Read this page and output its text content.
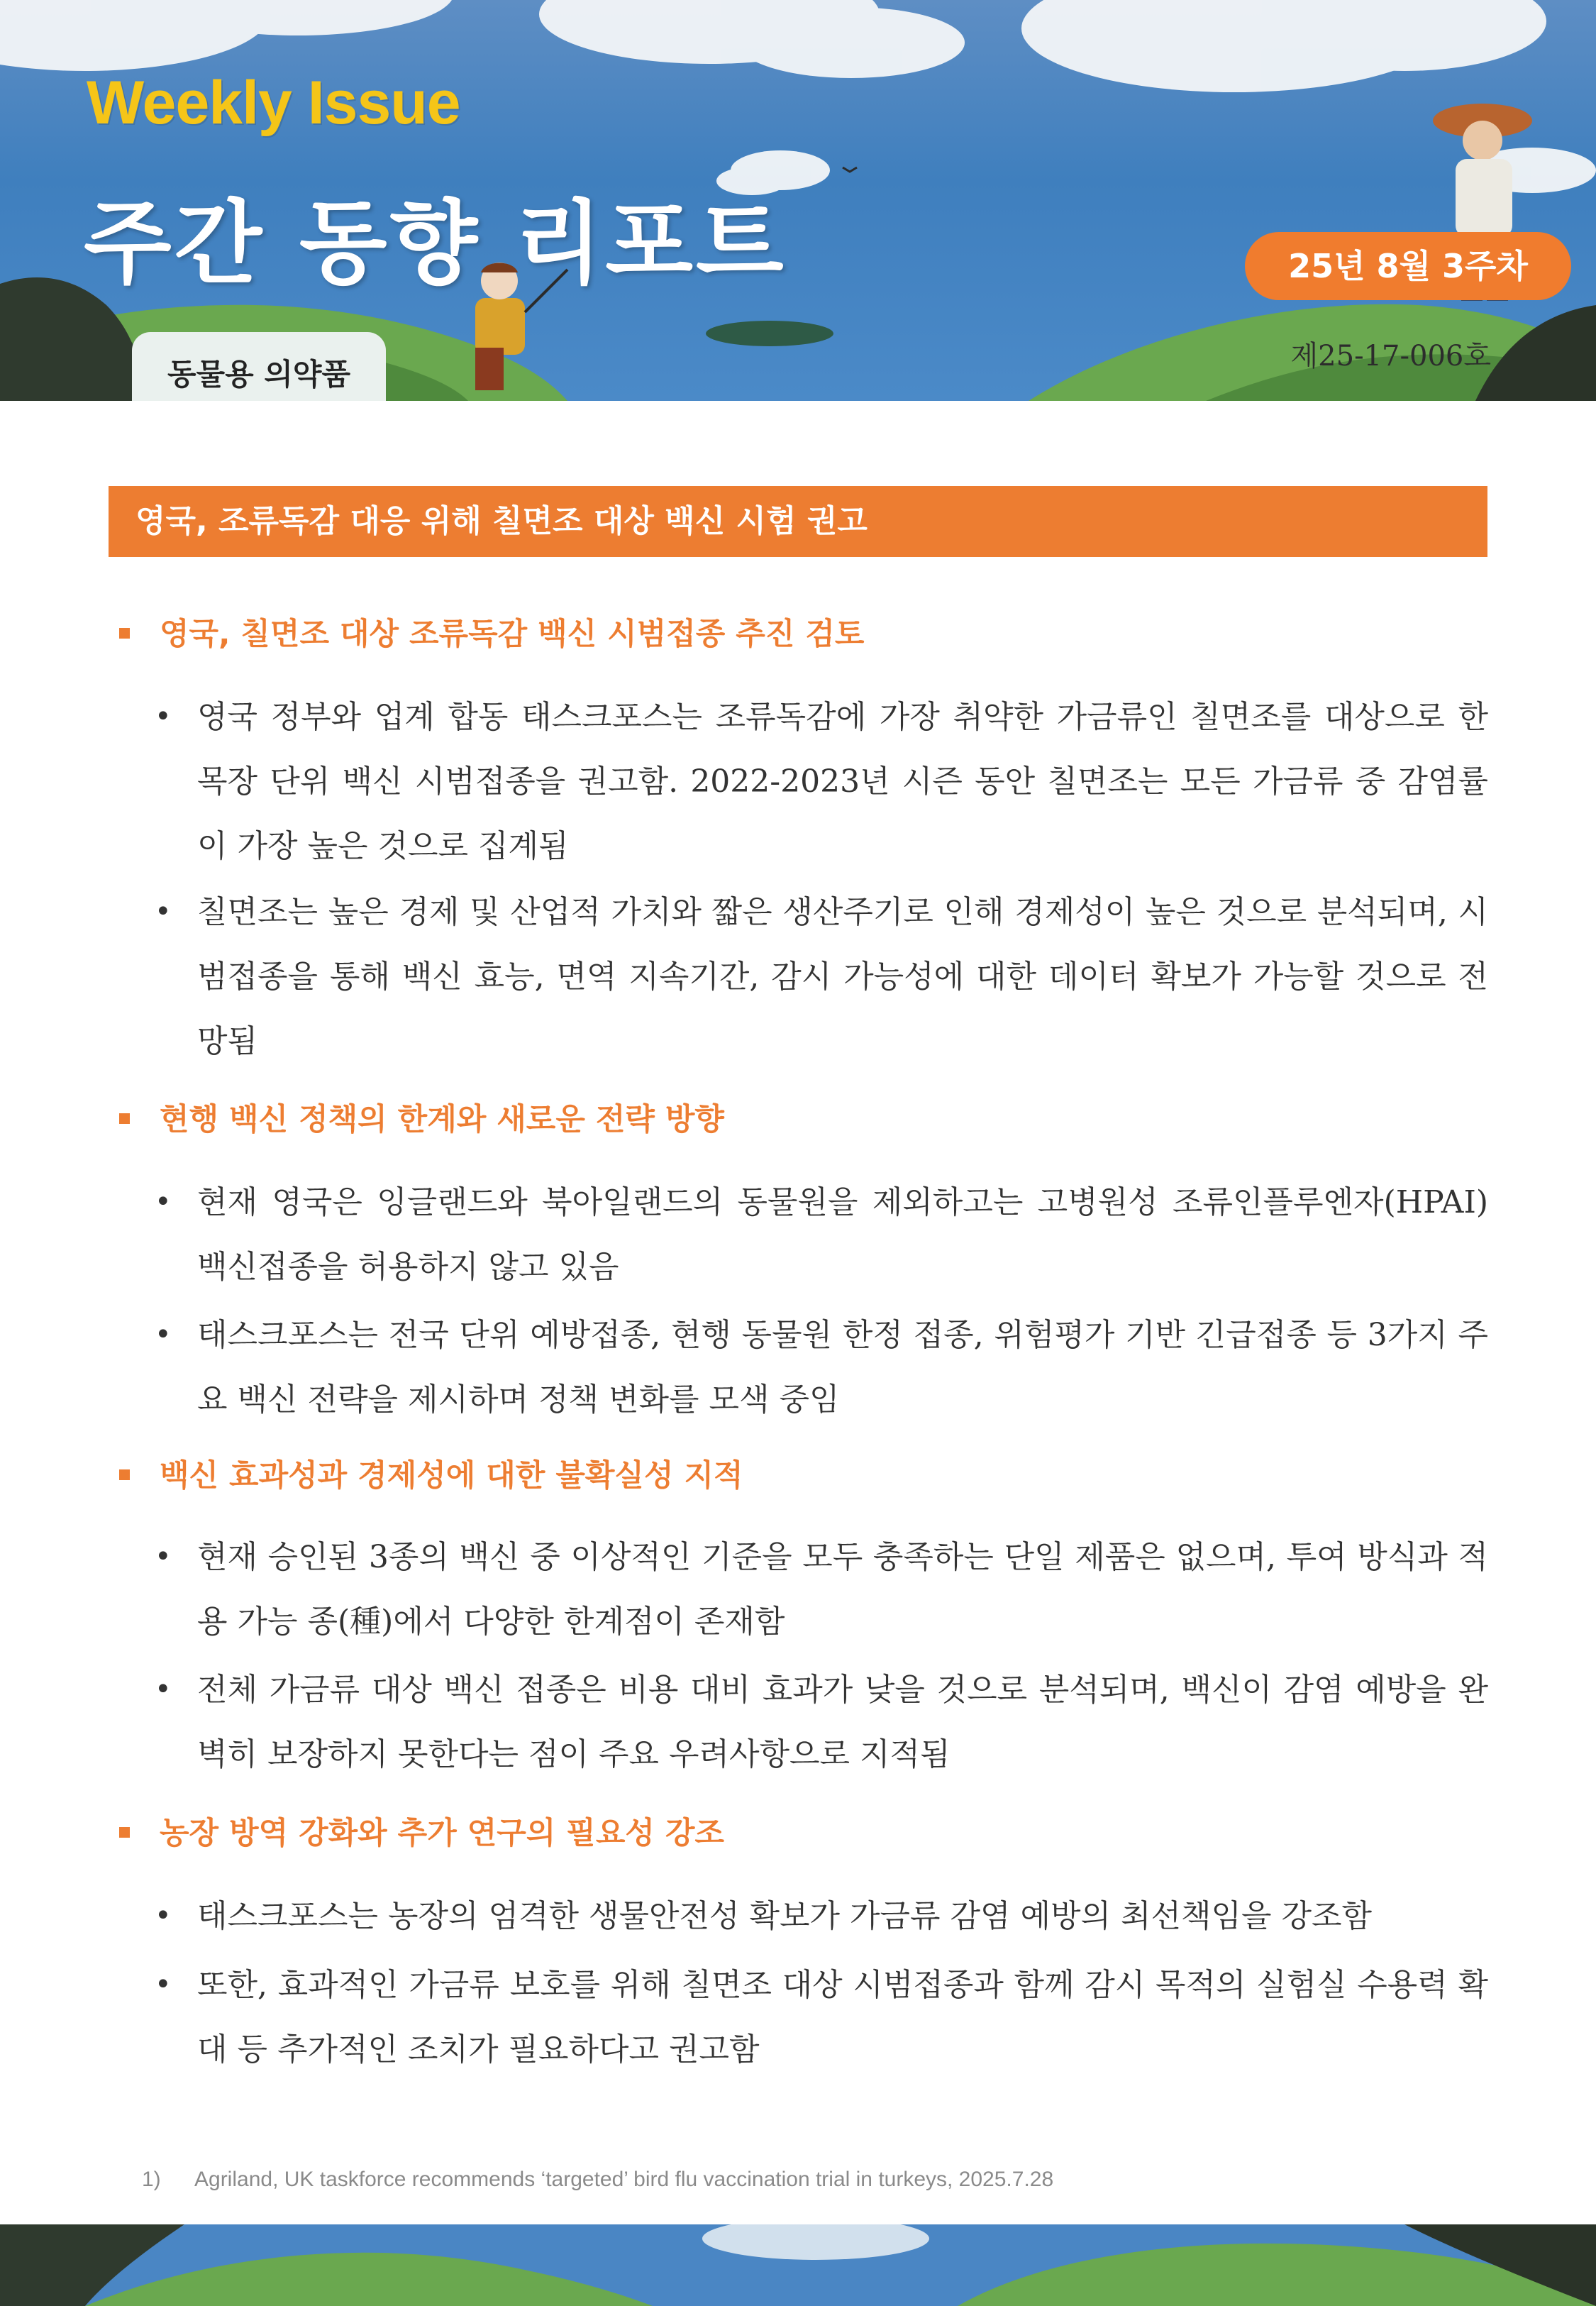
Weekly Issue
주간 동향 리포트	25년 8월 3주차
제25-17-006호
동물용 의약품
영국, 조류독감 대응 위해 칠면조 대상 백신 시험 권고
영국, 칠면조 대상 조류독감 백신 시범접종 추진 검토
• 영국 정부와 업계 합동 태스크포스는 조류독감에 가장 취약한 가금류인 칠면조를 대상으로 한 목장 단위 백신 시범접종을 권고함. 2022-2023년 시즌 동안 칠면조는 모든 가금류 중 감염률이 가장 높은 것으로 집계됨
• 칠면조는 높은 경제 및 산업적 가치와 짧은 생산주기로 인해 경제성이 높은 것으로 분석되며, 시범접종을 통해 백신 효능, 면역 지속기간, 감시 가능성에 대한 데이터 확보가 가능할 것으로 전망됨
현행 백신 정책의 한계와 새로운 전략 방향
• 현재 영국은 잉글랜드와 북아일랜드의 동물원을 제외하고는 고병원성 조류인플루엔자(HPAI) 백신접종을 허용하지 않고 있음
• 태스크포스는 전국 단위 예방접종, 현행 동물원 한정 접종, 위험평가 기반 긴급접종 등 3가지 주요 백신 전략을 제시하며 정책 변화를 모색 중임
백신 효과성과 경제성에 대한 불확실성 지적
• 현재 승인된 3종의 백신 중 이상적인 기준을 모두 충족하는 단일 제품은 없으며, 투여 방식과 적용 가능 종(種)에서 다양한 한계점이 존재함
• 전체 가금류 대상 백신 접종은 비용 대비 효과가 낮을 것으로 분석되며, 백신이 감염 예방을 완벽히 보장하지 못한다는 점이 주요 우려사항으로 지적됨
농장 방역 강화와 추가 연구의 필요성 강조
• 태스크포스는 농장의 엄격한 생물안전성 확보가 가금류 감염 예방의 최선책임을 강조함
• 또한, 효과적인 가금류 보호를 위해 칠면조 대상 시범접종과 함께 감시 목적의 실험실 수용력 확대 등 추가적인 조치가 필요하다고 권고함
1) Agriland, UK taskforce recommends ‘targeted’ bird flu vaccination trial in turkeys, 2025.7.28
